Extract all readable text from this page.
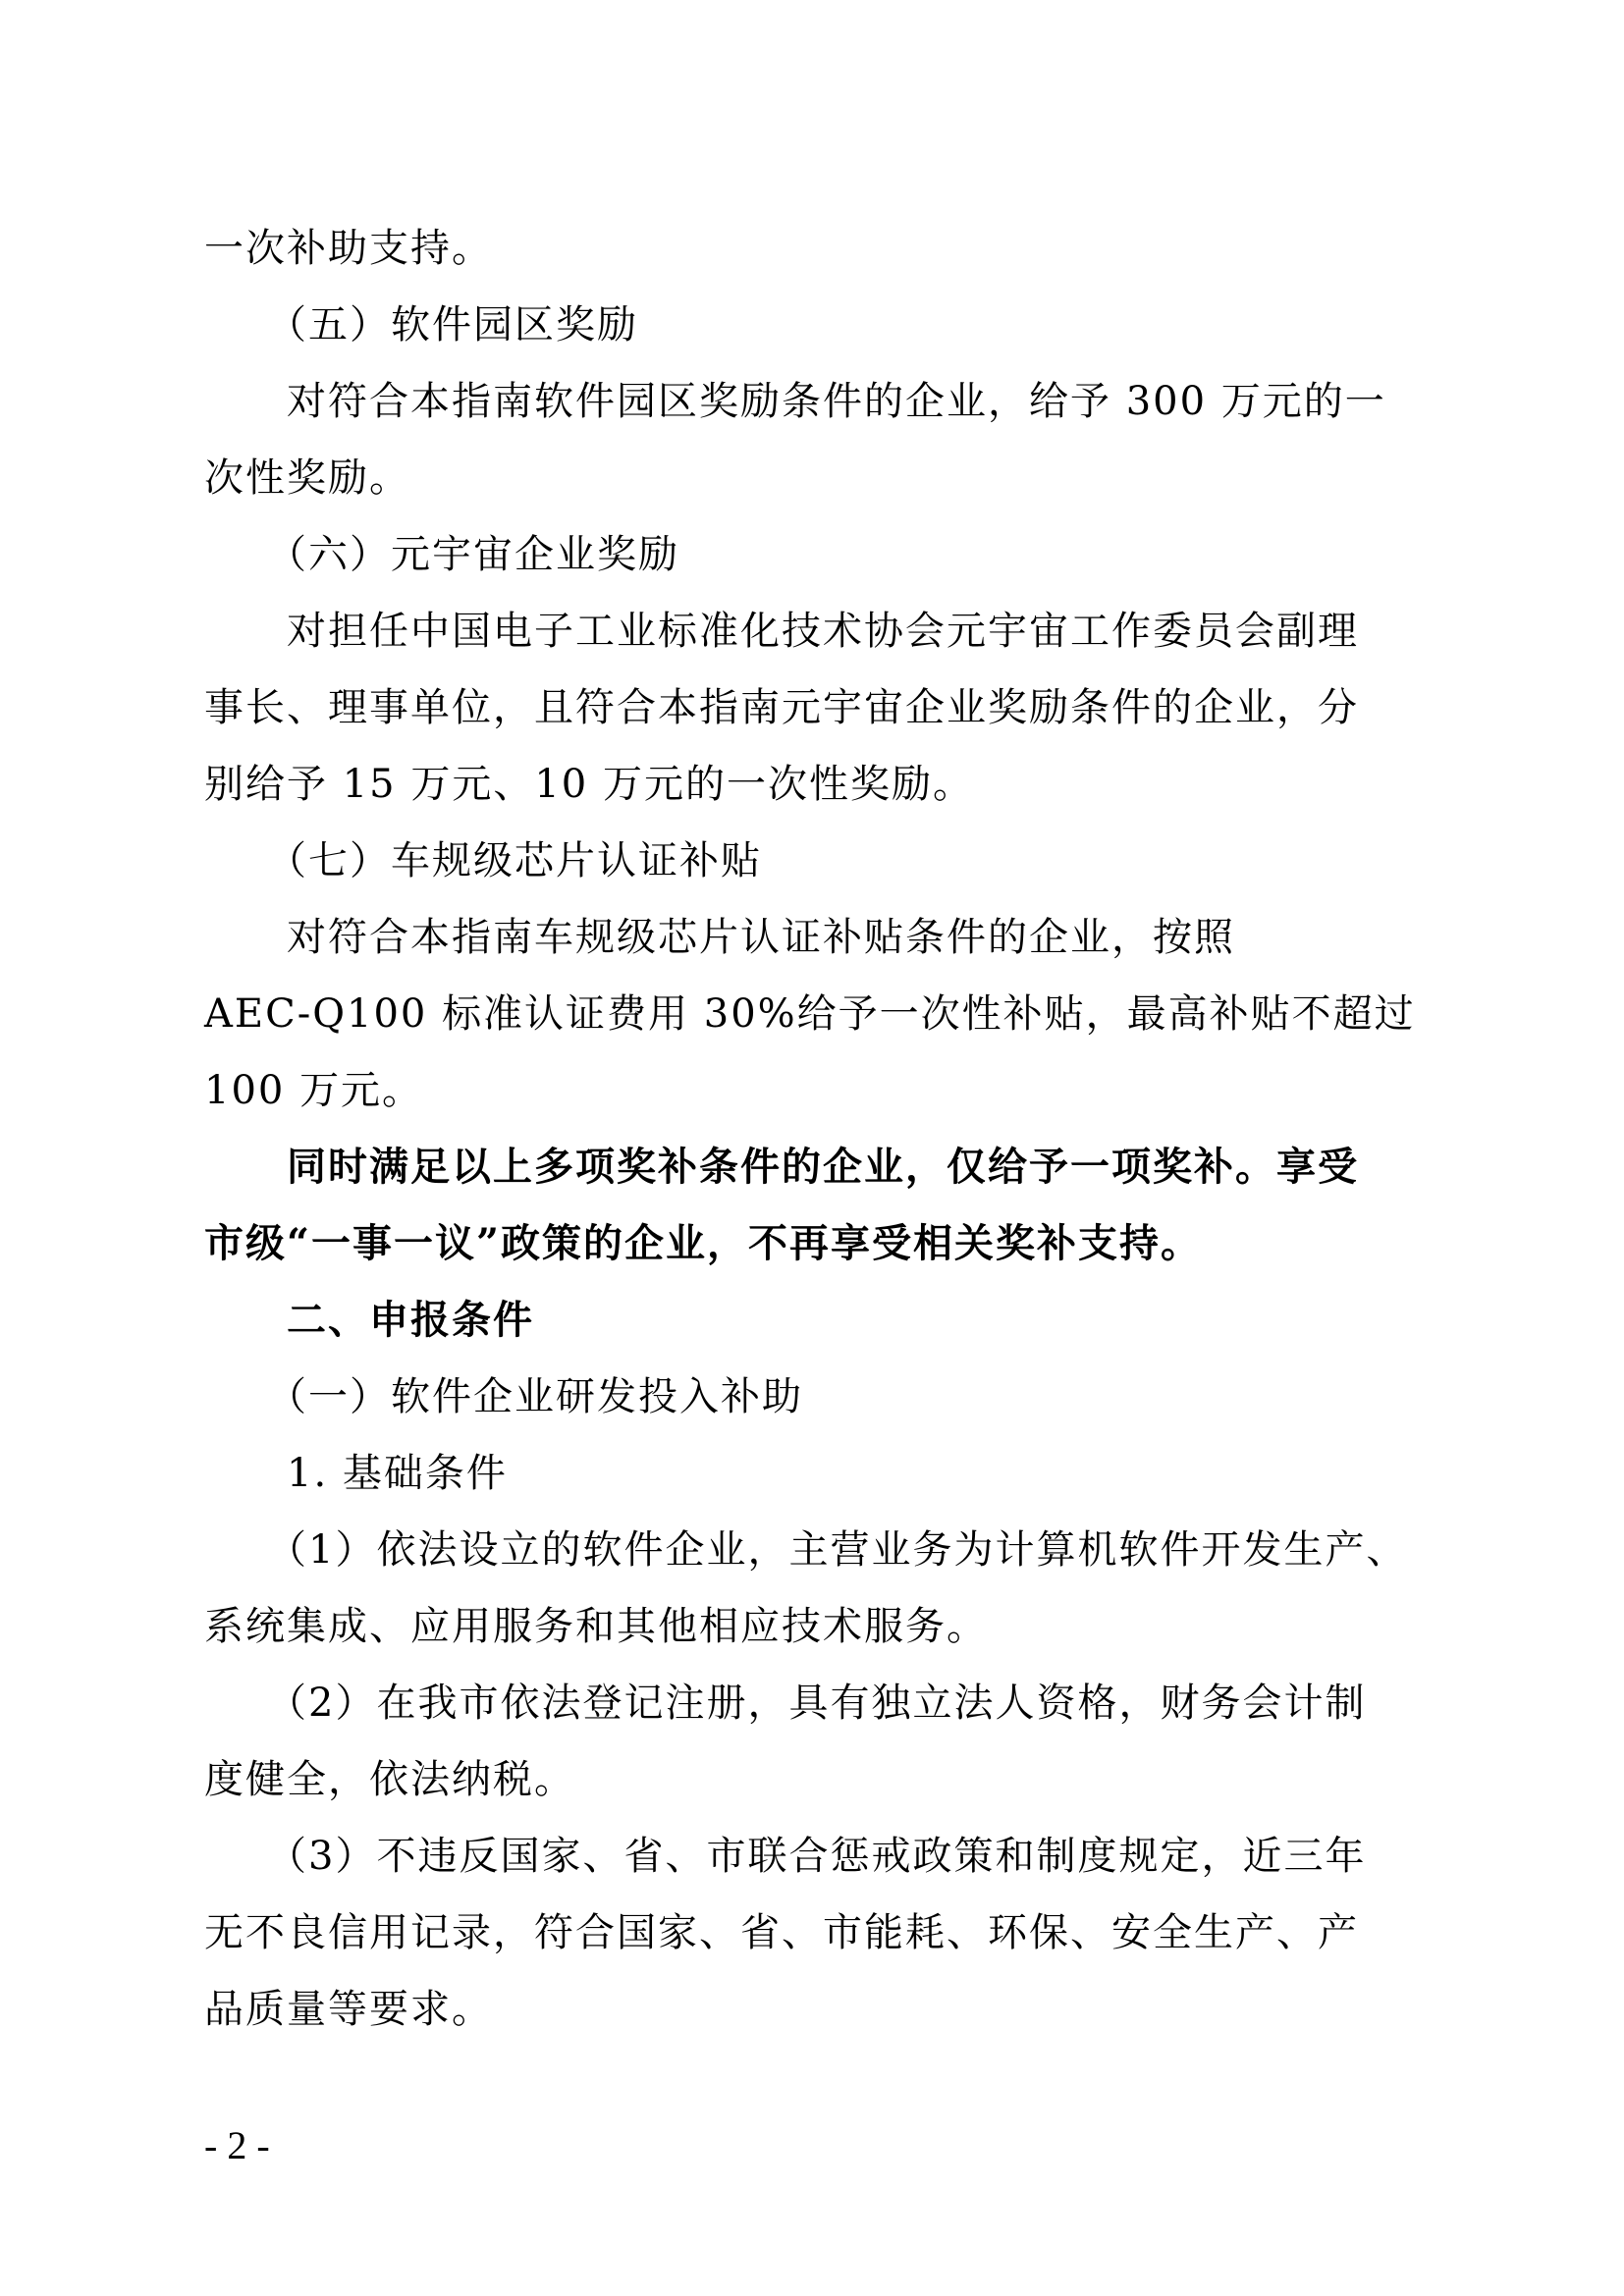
一次补助支持。

　　（五）软件园区奖励

　　对符合本指南软件园区奖励条件的企业，给予 300 万元的一

次性奖励。

　　（六）元宇宙企业奖励

　　对担任中国电子工业标准化技术协会元宇宙工作委员会副理

事长、理事单位，且符合本指南元宇宙企业奖励条件的企业，分

别给予 15 万元、10 万元的一次性奖励。

　　（七）车规级芯片认证补贴

　　对符合本指南车规级芯片认证补贴条件的企业，按照

AEC-Q100 标准认证费用 30%给予一次性补贴，最高补贴不超过

100 万元。

　　同时满足以上多项奖补条件的企业，仅给予一项奖补。享受

市级“一事一议”政策的企业，不再享受相关奖补支持。

　　二、申报条件

　　（一）软件企业研发投入补助

　　1. 基础条件

　　（1）依法设立的软件企业，主营业务为计算机软件开发生产、

系统集成、应用服务和其他相应技术服务。

　　（2）在我市依法登记注册，具有独立法人资格，财务会计制

度健全，依法纳税。

　　（3）不违反国家、省、市联合惩戒政策和制度规定，近三年

无不良信用记录，符合国家、省、市能耗、环保、安全生产、产

品质量等要求。

- 2 -
